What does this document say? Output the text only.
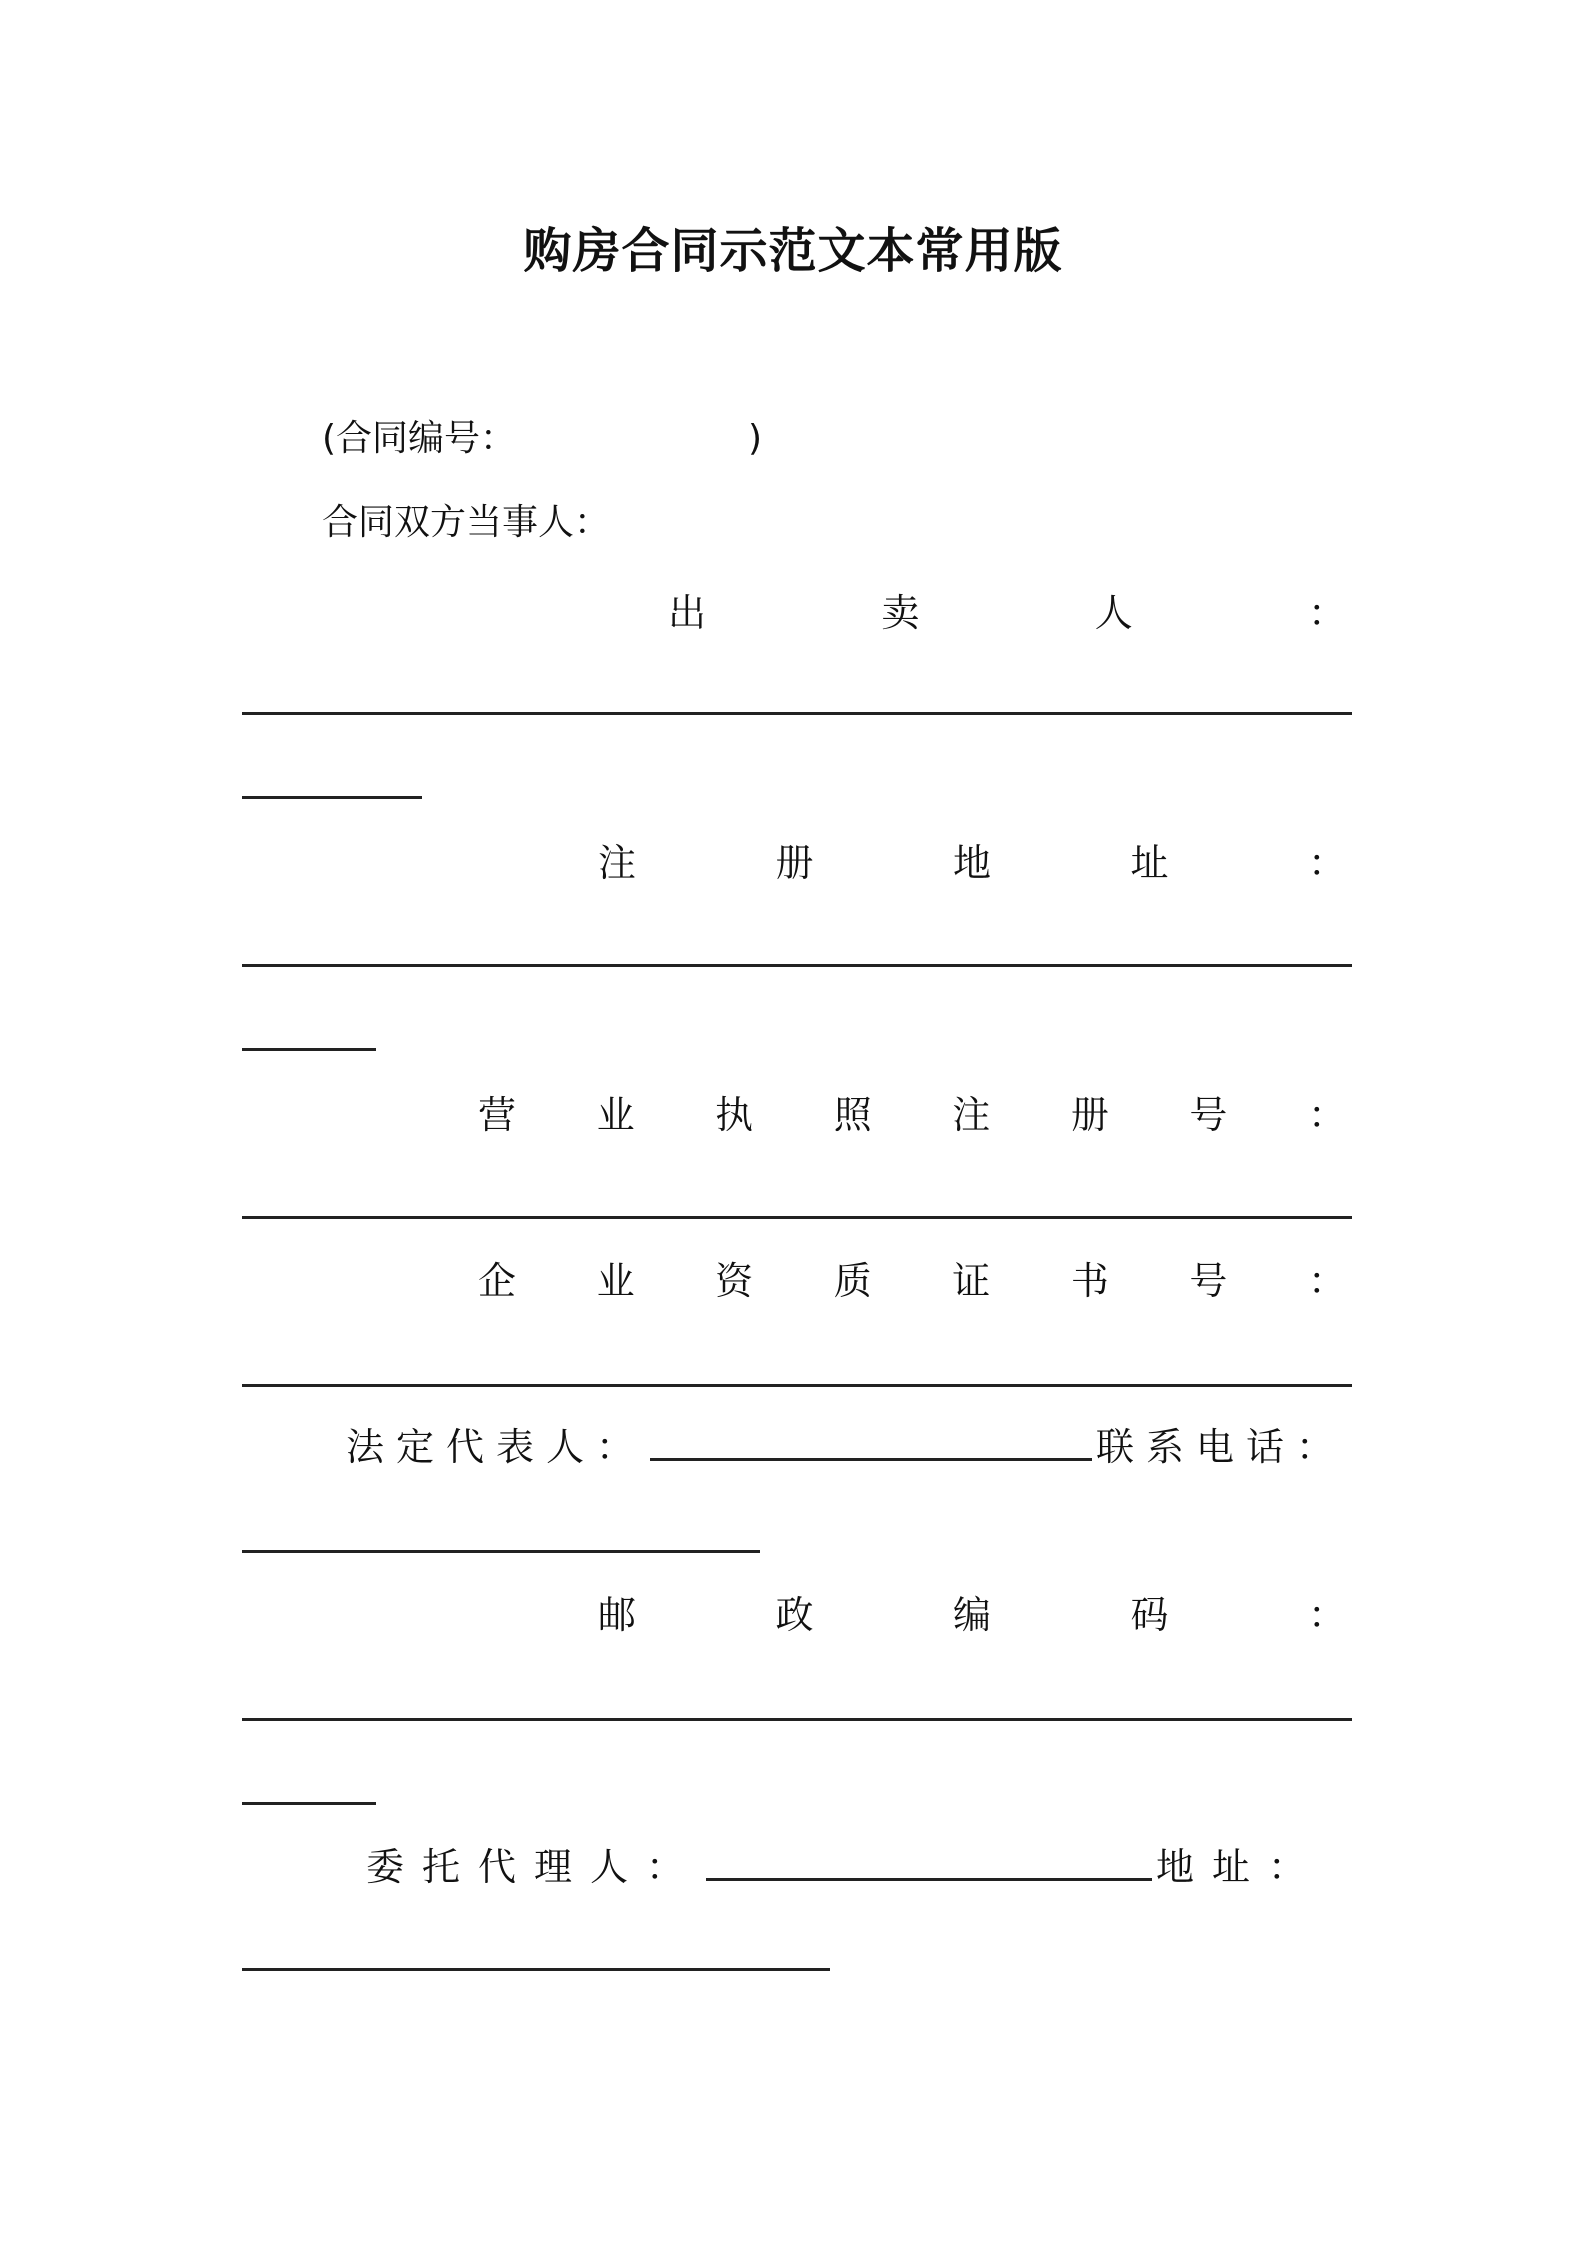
购房合同示范文本常用版
(合同编号：	)
合同双方当事人：
出	卖	人	：
注	册	地	址	：
营 业 执 照 注 册 号 ：
企 业 资 质 证 书 号 ：
法定代表人：	联系电话：
邮	政	编	码	：
委托代理人：	地址：
